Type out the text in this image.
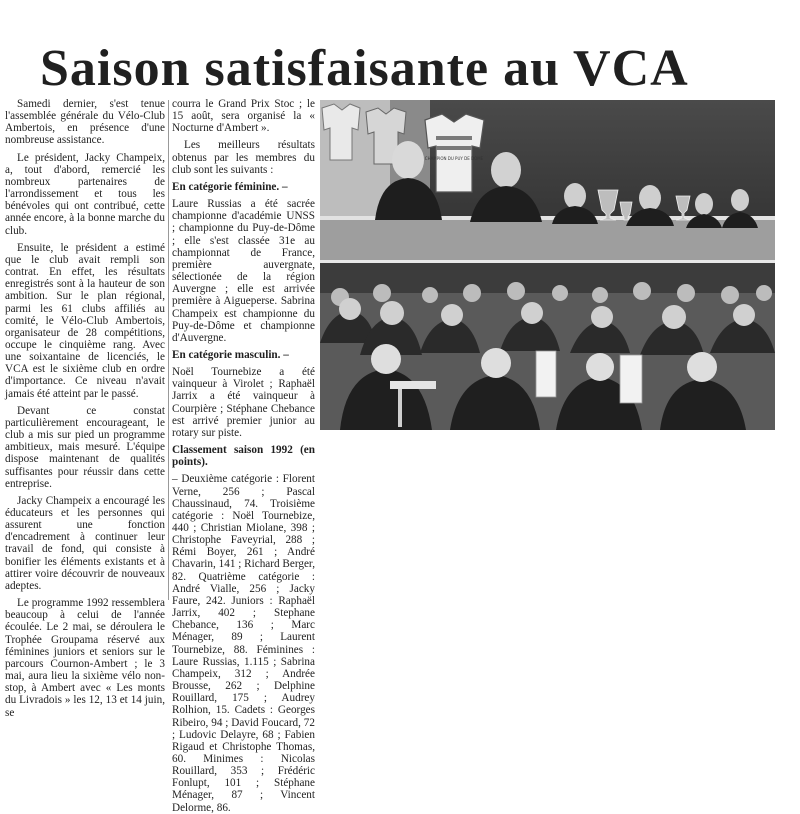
Saison satisfaisante au VCA

Samedi dernier, s'est tenue l'assemblée générale du Vélo-Club Ambertois, en présence d'une nombreuse assistance.

Le président, Jacky Champeix, a, tout d'abord, remercié les nombreux partenaires de l'arrondissement et tous les bénévoles qui ont contribué, cette année encore, à la bonne marche du club.

Ensuite, le président a estimé que le club avait rempli son contrat. En effet, les résultats enregistrés sont à la hauteur de son ambition. Sur le plan régional, parmi les 61 clubs affiliés au comité, le Vélo-Club Ambertois, organisateur de 28 compétitions, occupe le cinquième rang. Avec une soixantaine de licenciés, le VCA est le sixième club en ordre d'importance. Ce niveau n'avait jamais été atteint par le passé.

Devant ce constat particulièrement encourageant, le club a mis sur pied un programme ambitieux, mais mesuré. L'équipe dispose maintenant de qualités suffisantes pour réussir dans cette entreprise.

Jacky Champeix a encouragé les éducateurs et les personnes qui assurent une fonction d'encadrement à continuer leur travail de fond, qui consiste à bonifier les éléments existants et à attirer voire découvrir de nouveaux adeptes.

Le programme 1992 ressemblera beaucoup à celui de l'année écoulée. Le 2 mai, se déroulera le Trophée Groupama réservé aux féminines juniors et seniors sur le parcours Cournon-Ambert ; le 3 mai, aura lieu la sixième vélo non-stop, à Ambert avec « Les monts du Livradois » les 12, 13 et 14 juin, se

courra le Grand Prix Stoc ; le 15 août, sera organisé la « Nocturne d'Ambert ».

Les meilleurs résultats obtenus par les membres du club sont les suivants :

En catégorie féminine. –

Laure Russias a été sacrée championne d'académie UNSS ; championne du Puy-de-Dôme ; elle s'est classée 31e au championnat de France, première auvergnate, sélectionée de la région Auvergne ; elle est arrivée première à Aigueperse. Sabrina Champeix est championne du Puy-de-Dôme et championne d'Auvergne.

En catégorie masculin. –

Noël Tournebize a été vainqueur à Virolet ; Raphaël Jarrix a été vainqueur à Courpière ; Stéphane Chebance est arrivé premier junior au rotary sur piste.

Classement saison 1992 (en points).

– Deuxième catégorie : Florent Verne, 256 ; Pascal Chaussinaud, 74. Troisième catégorie : Noël Tournebize, 440 ; Christian Miolane, 398 ; Christophe Faveyrial, 288 ; Rémi Boyer, 261 ; André Chavarin, 141 ; Richard Berger, 82. Quatrième catégorie : André Vialle, 256 ; Jacky Faure, 242. Juniors : Raphaël Jarrix, 402 ; Stephane Chebance, 136 ; Marc Ménager, 89 ; Laurent Tournebize, 88. Féminines : Laure Russias, 1.115 ; Sabrina Champeix, 312 ; Andrée Brousse, 262 ; Delphine Rouillard, 175 ; Audrey Rolhion, 15. Cadets : Georges Ribeiro, 94 ; David Foucard, 72 ; Ludovic Delayre, 68 ; Fabien Rigaud et Christophe Thomas, 60. Minimes : Nicolas Rouillard, 353 ; Frédéric Fonlupt, 101 ; Stéphane Ménager, 87 ; Vincent Delorme, 86.

CHAMPION DU PUY DE DOME
